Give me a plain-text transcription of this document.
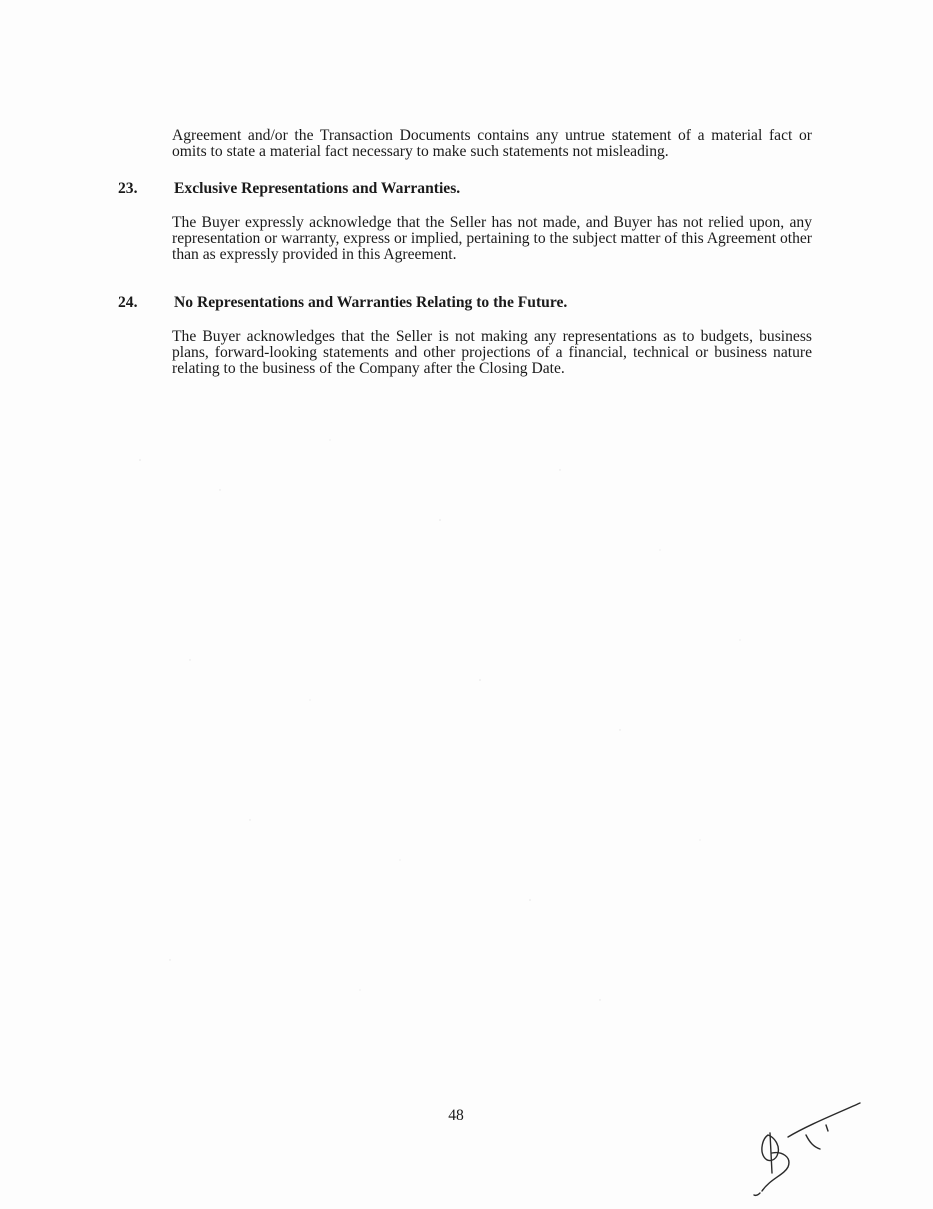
Agreement and/or the Transaction Documents contains any untrue statement of a material fact or omits to state a material fact necessary to make such statements not misleading.

23. Exclusive Representations and Warranties.

The Buyer expressly acknowledge that the Seller has not made, and Buyer has not relied upon, any representation or warranty, express or implied, pertaining to the subject matter of this Agreement other than as expressly provided in this Agreement.

24. No Representations and Warranties Relating to the Future.

The Buyer acknowledges that the Seller is not making any representations as to budgets, business plans, forward-looking statements and other projections of a financial, technical or business nature relating to the business of the Company after the Closing Date.

48
